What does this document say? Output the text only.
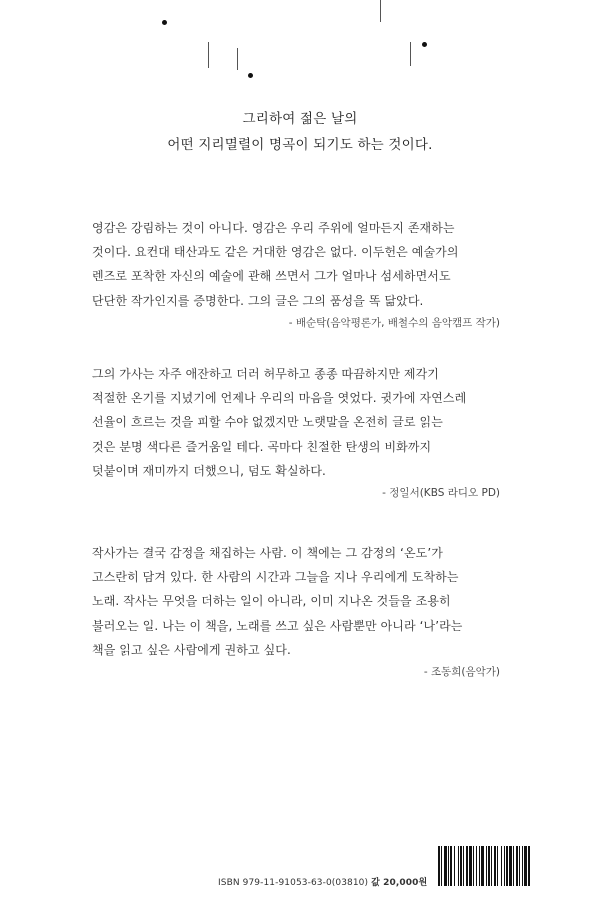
그리하여 젊은 날의
어떤 지리멸렬이 명곡이 되기도 하는 것이다.

영감은 강림하는 것이 아니다. 영감은 우리 주위에 얼마든지 존재하는
것이다. 요컨대 태산과도 같은 거대한 영감은 없다. 이두헌은 예술가의
렌즈로 포착한 자신의 예술에 관해 쓰면서 그가 얼마나 섬세하면서도
단단한 작가인지를 증명한다. 그의 글은 그의 품성을 똑 닮았다.

- 배순탁(음악평론가, 배철수의 음악캠프 작가)

그의 가사는 자주 애잔하고 더러 허무하고 종종 따끔하지만 제각기
적절한 온기를 지녔기에 언제나 우리의 마음을 엿었다. 귓가에 자연스레
선율이 흐르는 것을 피할 수야 없겠지만 노랫말을 온전히 글로 읽는
것은 분명 색다른 즐거움일 테다. 곡마다 친절한 탄생의 비화까지
덧붙이며 재미까지 더했으니, 덤도 확실하다.

- 정일서(KBS 라디오 PD)

작사가는 결국 감정을 채집하는 사람. 이 책에는 그 감정의 ‘온도’가
고스란히 담겨 있다. 한 사람의 시간과 그늘을 지나 우리에게 도착하는
노래. 작사는 무엇을 더하는 일이 아니라, 이미 지나온 것들을 조용히
불러오는 일. 나는 이 책을, 노래를 쓰고 싶은 사람뿐만 아니라 ‘나’라는
책을 읽고 싶은 사람에게 권하고 싶다.

- 조동희(음악가)
ISBN 979-11-91053-63-0(03810) 값 20,000원
